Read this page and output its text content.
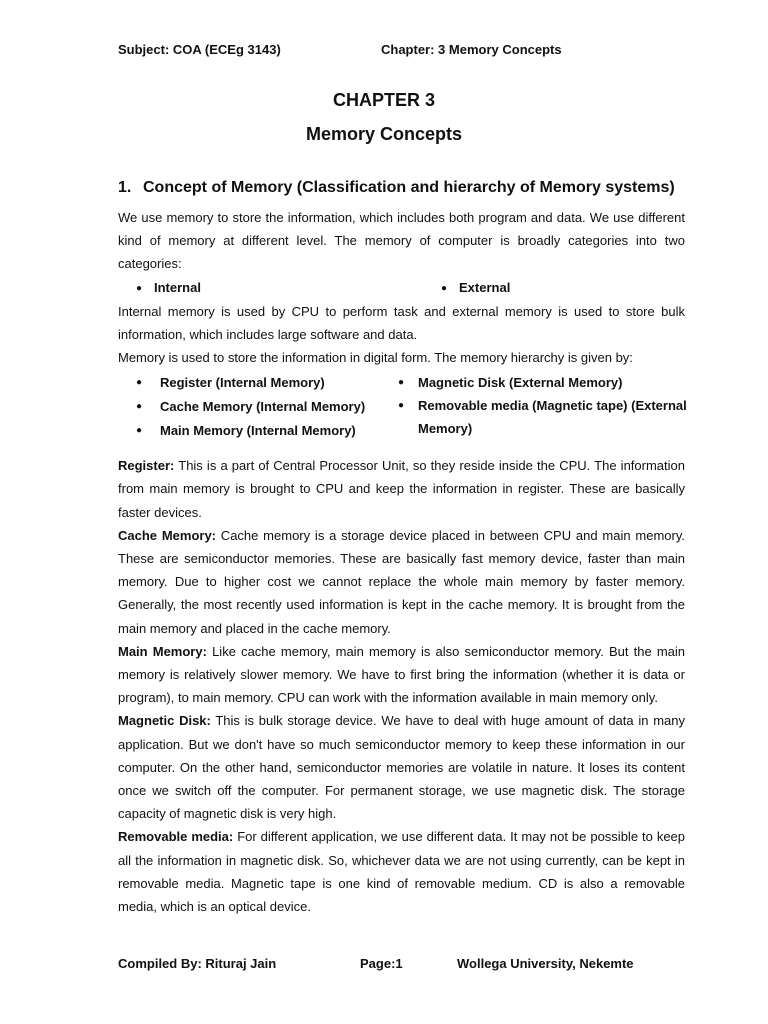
Subject: COA (ECEg 3143)	Chapter: 3 Memory Concepts
CHAPTER 3
Memory Concepts
1. Concept of Memory (Classification and hierarchy of Memory systems)

We use memory to store the information, which includes both program and data. We use different kind of memory at different level. The memory of computer is broadly categories into two categories:

● Internal	● External

Internal memory is used by CPU to perform task and external memory is used to store bulk information, which includes large software and data.

Memory is used to store the information in digital form. The memory hierarchy is given by:

● Register (Internal Memory)
● Cache Memory (Internal Memory)
● Main Memory (Internal Memory)
● Magnetic Disk (External Memory)
● Removable media (Magnetic tape) (External Memory)

Register: This is a part of Central Processor Unit, so they reside inside the CPU. The information from main memory is brought to CPU and keep the information in register. These are basically faster devices.

Cache Memory: Cache memory is a storage device placed in between CPU and main memory. These are semiconductor memories. These are basically fast memory device, faster than main memory. Due to higher cost we cannot replace the whole main memory by faster memory. Generally, the most recently used information is kept in the cache memory. It is brought from the main memory and placed in the cache memory.

Main Memory: Like cache memory, main memory is also semiconductor memory. But the main memory is relatively slower memory. We have to first bring the information (whether it is data or program), to main memory. CPU can work with the information available in main memory only.

Magnetic Disk: This is bulk storage device. We have to deal with huge amount of data in many application. But we don't have so much semiconductor memory to keep these information in our computer. On the other hand, semiconductor memories are volatile in nature. It loses its content once we switch off the computer. For permanent storage, we use magnetic disk. The storage capacity of magnetic disk is very high.

Removable media: For different application, we use different data. It may not be possible to keep all the information in magnetic disk. So, whichever data we are not using currently, can be kept in removable media. Magnetic tape is one kind of removable medium. CD is also a removable media, which is an optical device.

Compiled By: Rituraj Jain	Page:1	Wollega University, Nekemte
